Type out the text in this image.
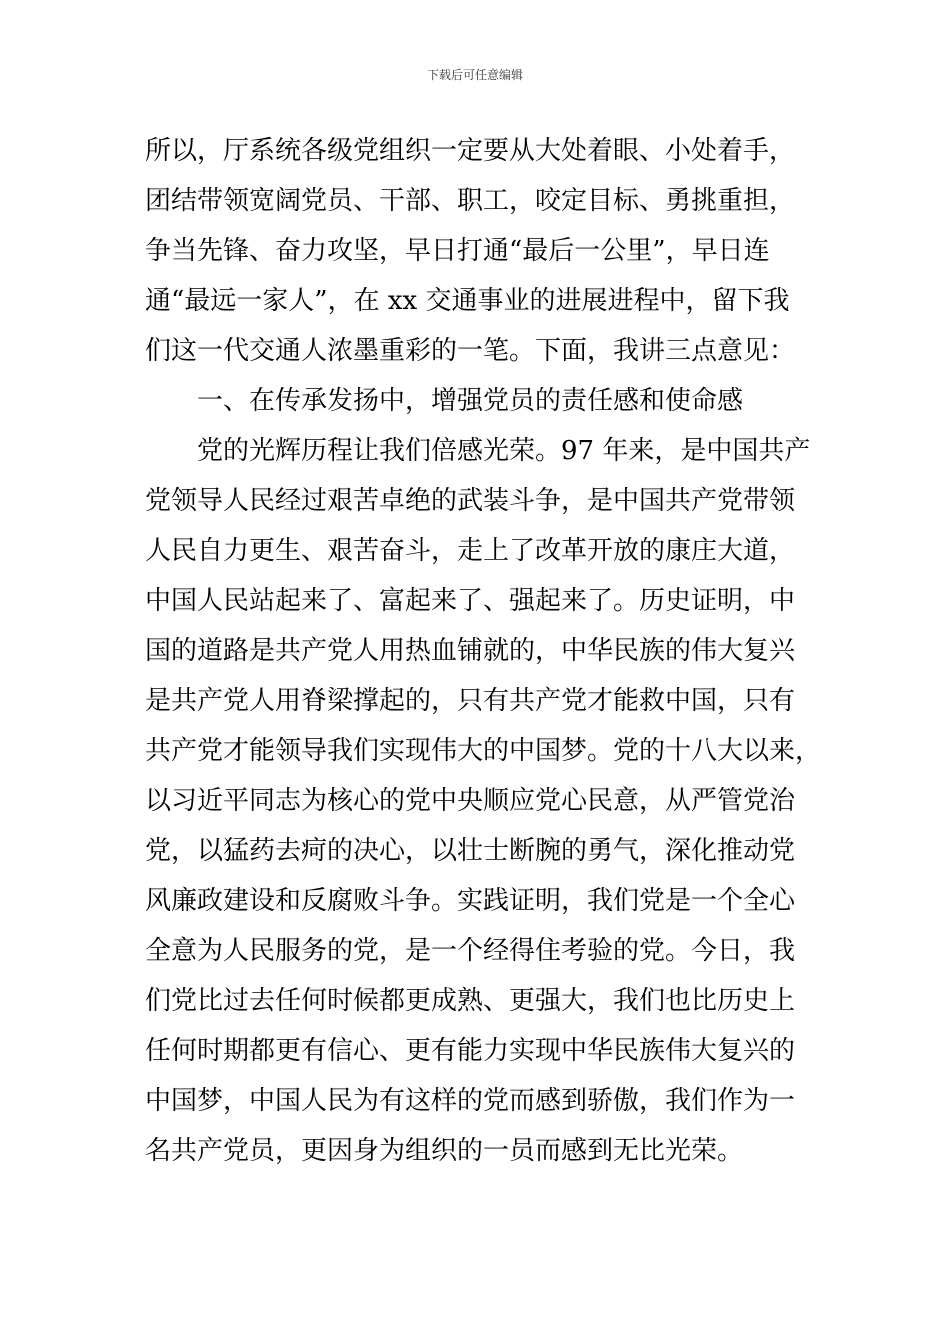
下载后可任意编辑
所以，厅系统各级党组织一定要从大处着眼、小处着手，
团结带领宽阔党员、干部、职工，咬定目标、勇挑重担，
争当先锋、奋力攻坚，早日打通“最后一公里”，早日连
通“最远一家人”，在 xx 交通事业的进展进程中，留下我
们这一代交通人浓墨重彩的一笔。下面，我讲三点意见：
一、在传承发扬中，增强党员的责任感和使命感
党的光辉历程让我们倍感光荣。97 年来，是中国共产
党领导人民经过艰苦卓绝的武装斗争，是中国共产党带领
人民自力更生、艰苦奋斗，走上了改革开放的康庄大道，
中国人民站起来了、富起来了、强起来了。历史证明，中
国的道路是共产党人用热血铺就的，中华民族的伟大复兴
是共产党人用脊梁撑起的，只有共产党才能救中国，只有
共产党才能领导我们实现伟大的中国梦。党的十八大以来，
以习近平同志为核心的党中央顺应党心民意，从严管党治
党，以猛药去疴的决心，以壮士断腕的勇气，深化推动党
风廉政建设和反腐败斗争。实践证明，我们党是一个全心
全意为人民服务的党，是一个经得住考验的党。今日，我
们党比过去任何时候都更成熟、更强大，我们也比历史上
任何时期都更有信心、更有能力实现中华民族伟大复兴的
中国梦，中国人民为有这样的党而感到骄傲，我们作为一
名共产党员，更因身为组织的一员而感到无比光荣。
